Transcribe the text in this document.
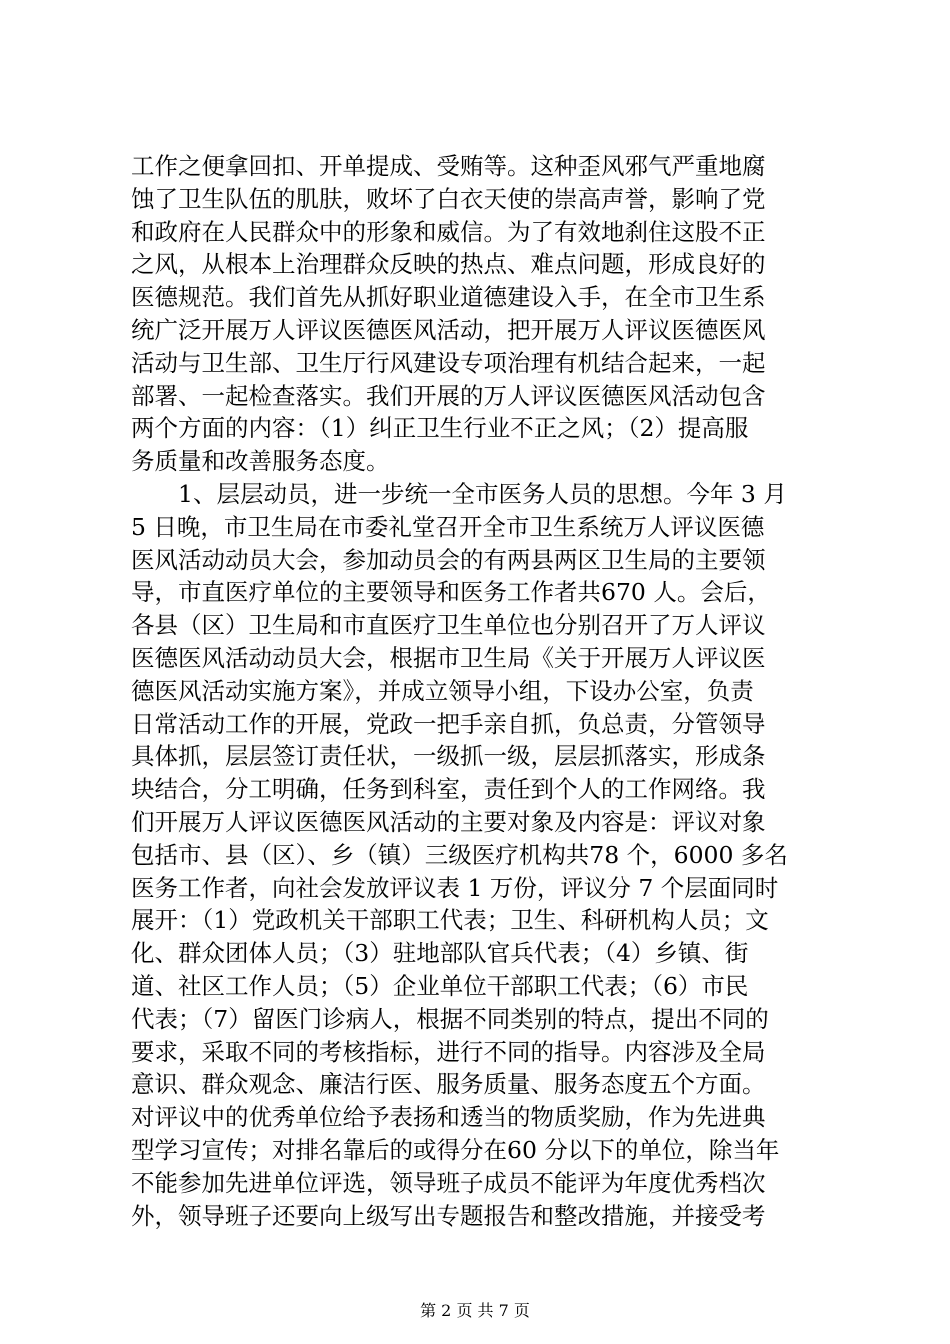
工作之便拿回扣、开单提成、受贿等。这种歪风邪气严重地腐
蚀了卫生队伍的肌肤，败坏了白衣天使的崇高声誉，影响了党
和政府在人民群众中的形象和威信。为了有效地刹住这股不正
之风，从根本上治理群众反映的热点、难点问题，形成良好的
医德规范。我们首先从抓好职业道德建设入手，在全市卫生系
统广泛开展万人评议医德医风活动，把开展万人评议医德医风
活动与卫生部、卫生厅行风建设专项治理有机结合起来，一起
部署、一起检查落实。我们开展的万人评议医德医风活动包含
两个方面的内容：（1）纠正卫生行业不正之风；（2）提高服
务质量和改善服务态度。
　　1、层层动员，进一步统一全市医务人员的思想。今年 3 月
5 日晚，市卫生局在市委礼堂召开全市卫生系统万人评议医德
医风活动动员大会，参加动员会的有两县两区卫生局的主要领
导，市直医疗单位的主要领导和医务工作者共670 人。会后，
各县（区）卫生局和市直医疗卫生单位也分别召开了万人评议
医德医风活动动员大会，根据市卫生局《关于开展万人评议医
德医风活动实施方案》，并成立领导小组，下设办公室，负责
日常活动工作的开展，党政一把手亲自抓，负总责，分管领导
具体抓，层层签订责任状，一级抓一级，层层抓落实，形成条
块结合，分工明确，任务到科室，责任到个人的工作网络。我
们开展万人评议医德医风活动的主要对象及内容是：评议对象
包括市、县（区）、乡（镇）三级医疗机构共78 个，6000 多名
医务工作者，向社会发放评议表 1 万份，评议分 7 个层面同时
展开：（1）党政机关干部职工代表；卫生、科研机构人员；文
化、群众团体人员；（3）驻地部队官兵代表；（4）乡镇、街
道、社区工作人员；（5）企业单位干部职工代表；（6）市民
代表；（7）留医门诊病人，根据不同类别的特点，提出不同的
要求，采取不同的考核指标，进行不同的指导。内容涉及全局
意识、群众观念、廉洁行医、服务质量、服务态度五个方面。
对评议中的优秀单位给予表扬和透当的物质奖励，作为先进典
型学习宣传；对排名靠后的或得分在60 分以下的单位，除当年
不能参加先进单位评选，领导班子成员不能评为年度优秀档次
外，领导班子还要向上级写出专题报告和整改措施，并接受考
第 2 页 共 7 页
